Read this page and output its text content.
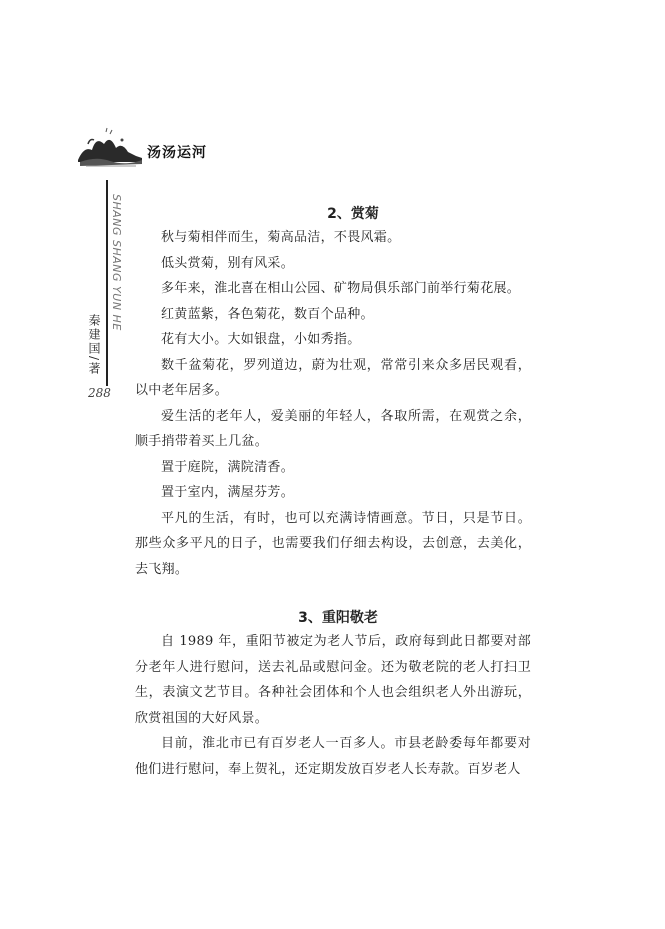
汤汤运河
SHANG SHANG YUN HE
秦建国/著
288
2、赏菊

秋与菊相伴而生，菊高品洁，不畏风霜。

低头赏菊，别有风采。

多年来，淮北喜在相山公园、矿物局俱乐部门前举行菊花展。

红黄蓝紫，各色菊花，数百个品种。

花有大小。大如银盘，小如秀指。

数千盆菊花，罗列道边，蔚为壮观，常常引来众多居民观看，以中老年居多。

爱生活的老年人，爱美丽的年轻人，各取所需，在观赏之余，顺手捎带着买上几盆。

置于庭院，满院清香。

置于室内，满屋芬芳。

平凡的生活，有时，也可以充满诗情画意。节日，只是节日。那些众多平凡的日子，也需要我们仔细去构设，去创意，去美化，去飞翔。

3、重阳敬老

自 1989 年，重阳节被定为老人节后，政府每到此日都要对部分老年人进行慰问，送去礼品或慰问金。还为敬老院的老人打扫卫生，表演文艺节目。各种社会团体和个人也会组织老人外出游玩，欣赏祖国的大好风景。

目前，淮北市已有百岁老人一百多人。市县老龄委每年都要对他们进行慰问，奉上贺礼，还定期发放百岁老人长寿款。百岁老人
